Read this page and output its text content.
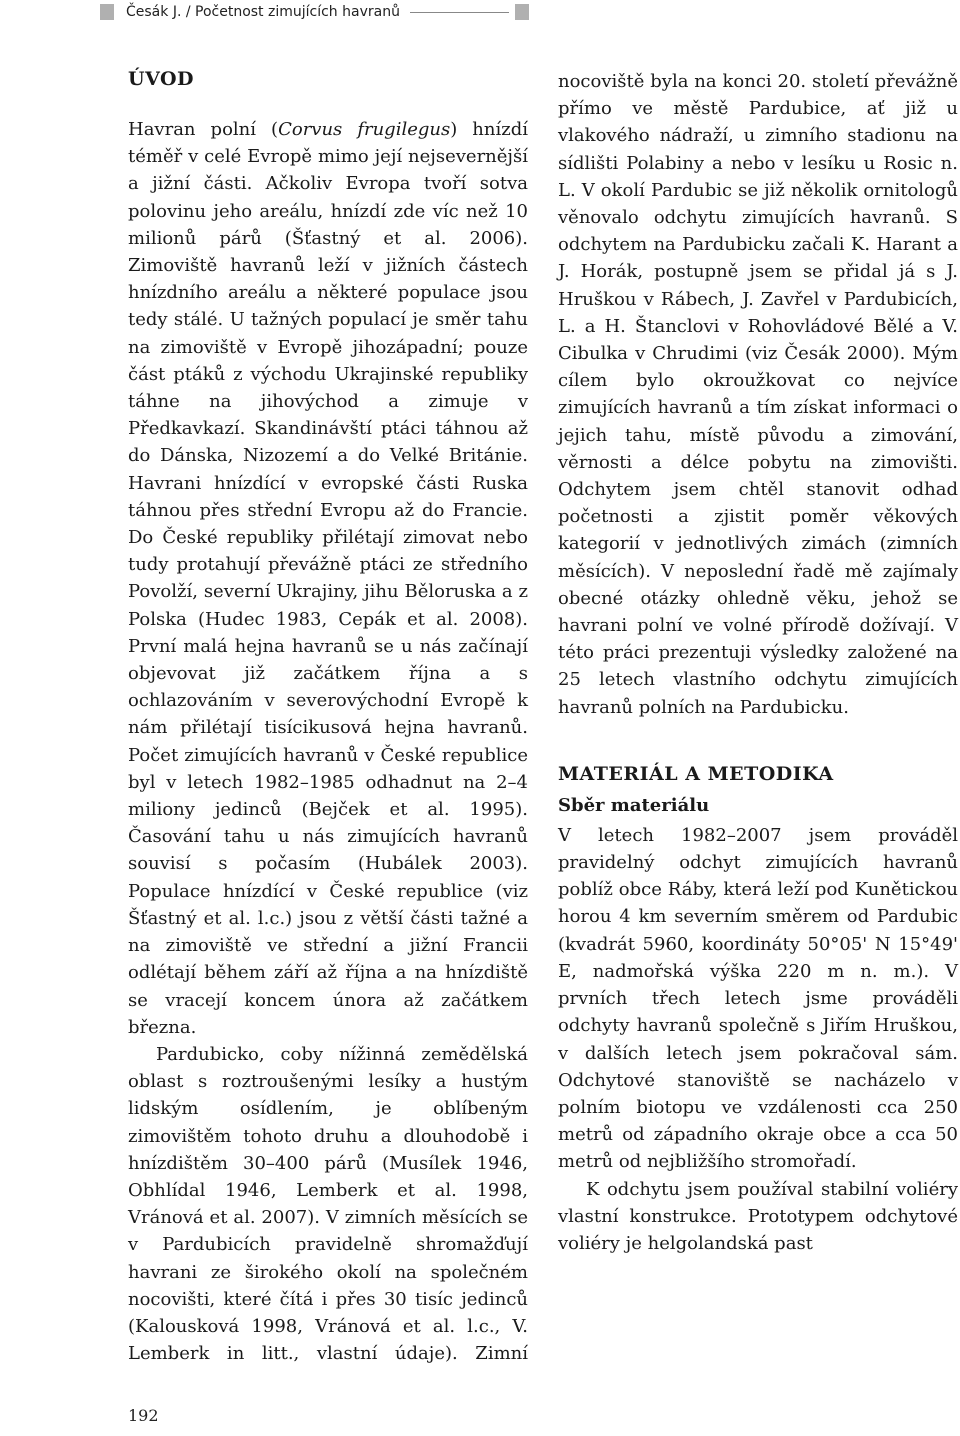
Česák J. / Početnost zimujících havranů
ÚVOD

Havran polní (Corvus frugilegus) hnízdí téměř v celé Evropě mimo její nejsevernější a jižní části. Ačkoliv Evropa tvoří sotva polovinu jeho areálu, hnízdí zde víc než 10 milionů párů (Šťastný et al. 2006). Zimoviště havranů leží v jižních částech hnízdního areálu a některé populace jsou tedy stálé. U tažných populací je směr tahu na zimoviště v Evropě jihozápadní; pouze část ptáků z východu Ukrajinské republiky táhne na jihovýchod a zimuje v Předkavkazí. Skandinávští ptáci táhnou až do Dánska, Nizozemí a do Velké Británie. Havrani hnízdící v evropské části Ruska táhnou přes střední Evropu až do Francie. Do České republiky přilétají zimovat nebo tudy protahují převážně ptáci ze středního Povolží, severní Ukrajiny, jihu Běloruska a z Polska (Hudec 1983, Cepák et al. 2008). První malá hejna havranů se u nás začínají objevovat již začátkem října a s ochlazováním v severovýchodní Evropě k nám přilétají tisícikusová hejna havranů. Počet zimujících havranů v České republice byl v letech 1982–1985 odhadnut na 2–4 miliony jedinců (Bejček et al. 1995). Časování tahu u nás zimujících havranů souvisí s počasím (Hubálek 2003). Populace hnízdící v České republice (viz Šťastný et al. l.c.) jsou z větší části tažné a na zimoviště ve střední a jižní Francii odlétají během září až října a na hnízdiště se vracejí koncem února až začátkem března.

Pardubicko, coby nížinná zemědělská oblast s roztroušenými lesíky a hustým lidským osídlením, je oblíbeným zimovištěm tohoto druhu a dlouhodobě i hnízdištěm 30–400 párů (Musílek 1946, Obhlídal 1946, Lemberk et al. 1998, Vránová et al. 2007). V zimních měsících se v Pardubicích pravidelně shromažďují havrani ze širokého okolí na společném nocovišti, které čítá i přes 30 tisíc jedinců (Kalousková 1998, Vránová et al. l.c., V. Lemberk in litt., vlastní údaje). Zimní

nocoviště byla na konci 20. století převážně přímo ve městě Pardubice, ať již u vlakového nádraží, u zimního stadionu na sídlišti Polabiny a nebo v lesíku u Rosic n. L. V okolí Pardubic se již několik ornitologů věnovalo odchytu zimujících havranů. S odchytem na Pardubicku začali K. Harant a J. Horák, postupně jsem se přidal já s J. Hruškou v Rábech, J. Zavřel v Pardubicích, L. a H. Štanclovi v Rohovládové Bělé a V. Cibulka v Chrudimi (viz Česák 2000). Mým cílem bylo okroužkovat co nejvíce zimujících havranů a tím získat informaci o jejich tahu, místě původu a zimování, věrnosti a délce pobytu na zimovišti. Odchytem jsem chtěl stanovit odhad početnosti a zjistit poměr věkových kategorií v jednotlivých zimách (zimních měsících). V neposlední řadě mě zajímaly obecné otázky ohledně věku, jehož se havrani polní ve volné přírodě dožívají. V této práci prezentuji výsledky založené na 25 letech vlastního odchytu zimujících havranů polních na Pardubicku.

MATERIÁL A METODIKA
Sběr materiálu

V letech 1982–2007 jsem prováděl pravidelný odchyt zimujících havranů poblíž obce Ráby, která leží pod Kunětickou horou 4 km severním směrem od Pardubic (kvadrát 5960, koordináty 50°05' N 15°49' E, nadmořská výška 220 m n. m.). V prvních třech letech jsme prováděli odchyty havranů společně s Jiřím Hruškou, v dalších letech jsem pokračoval sám. Odchytové stanoviště se nacházelo v polním biotopu ve vzdálenosti cca 250 metrů od západního okraje obce a cca 50 metrů od nejbližšího stromořadí.

K odchytu jsem používal stabilní voliéry vlastní konstrukce. Prototypem odchytové voliéry je helgolandská past

192
